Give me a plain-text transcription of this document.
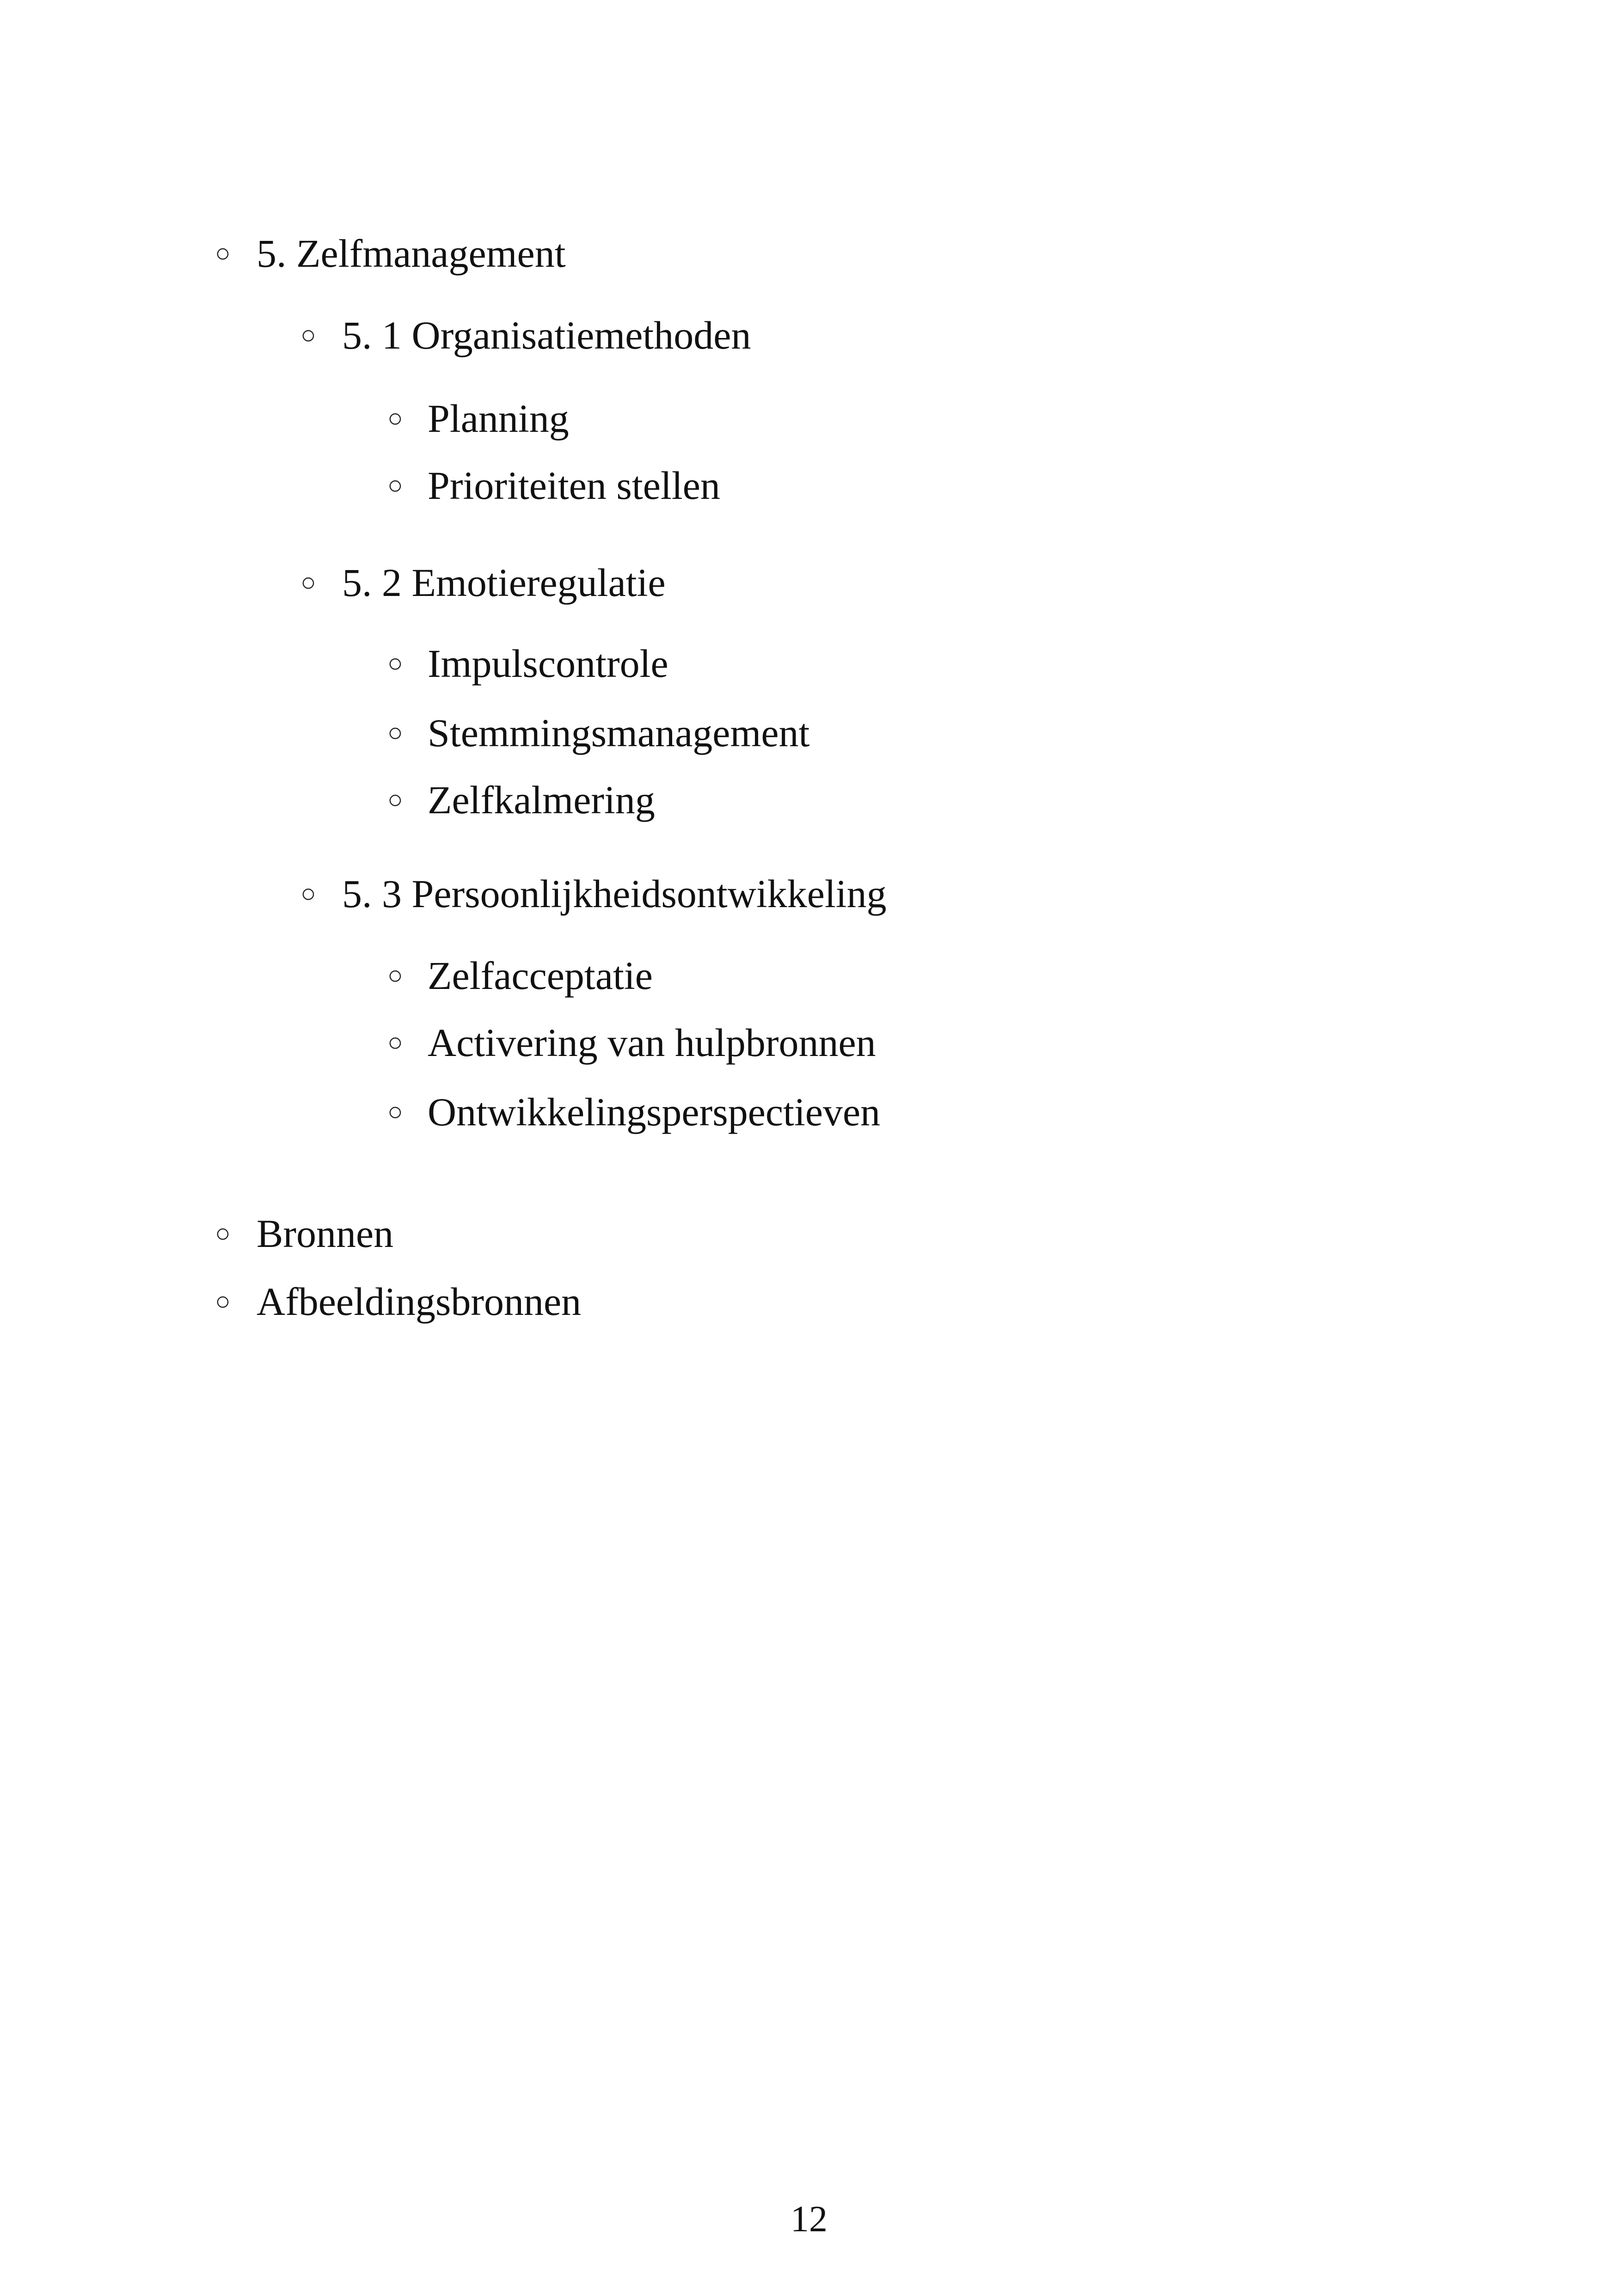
○ 5. Zelfmanagement
○ 5. 1 Organisatiemethoden
○ Planning
○ Prioriteiten stellen
○ 5. 2 Emotieregulatie
○ Impulscontrole
○ Stemmingsmanagement
○ Zelfkalmering
○ 5. 3 Persoonlijkheidsontwikkeling
○ Zelfacceptatie
○ Activering van hulpbronnen
○ Ontwikkelingsperspectieven
○ Bronnen
○ Afbeeldingsbronnen
12
